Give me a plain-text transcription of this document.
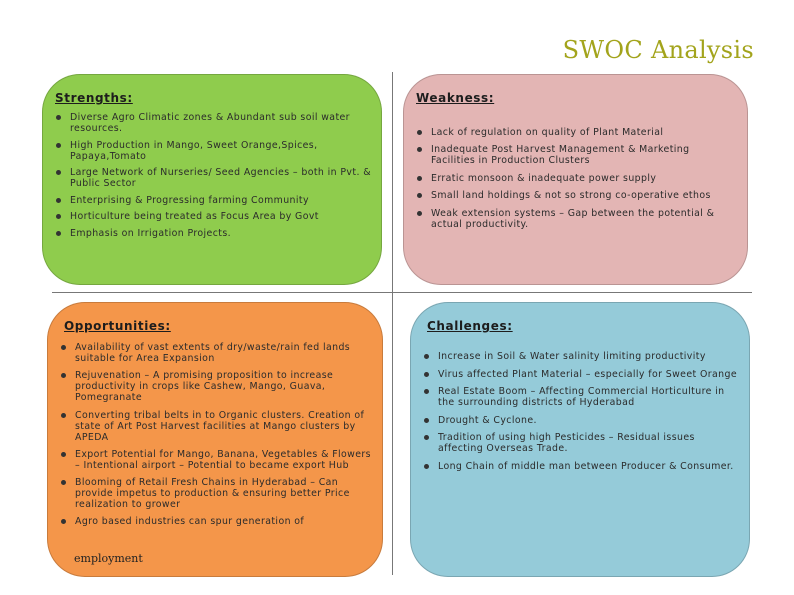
SWOC Analysis
Strengths:
Diverse Agro Climatic zones & Abundant sub soil water resources.
High Production in Mango, Sweet Orange,Spices, Papaya,Tomato
Large Network of Nurseries/ Seed Agencies – both in Pvt. & Public Sector
Enterprising & Progressing farming Community
Horticulture being treated as Focus Area by Govt
Emphasis on Irrigation Projects.
Weakness:
Lack of regulation on quality of Plant Material
Inadequate Post Harvest Management & Marketing Facilities in Production Clusters
Erratic monsoon & inadequate power supply
Small land holdings & not so strong co-operative ethos
Weak extension systems – Gap between the potential & actual productivity.
Opportunities:
Availability of vast extents of dry/waste/rain fed lands suitable for Area Expansion
Rejuvenation – A promising proposition to increase productivity in crops like Cashew, Mango, Guava, Pomegranate
Converting tribal belts in to Organic clusters. Creation of state of Art Post Harvest facilities at Mango clusters by APEDA
Export Potential for Mango, Banana, Vegetables & Flowers – Intentional airport – Potential to became export Hub
Blooming of Retail Fresh Chains in Hyderabad – Can provide impetus to production & ensuring better Price realization to grower
Agro based industries can spur generation of
employment
Challenges:
Increase in Soil & Water salinity limiting productivity
Virus affected Plant Material – especially for Sweet Orange
Real Estate Boom – Affecting Commercial Horticulture in the surrounding districts of Hyderabad
Drought & Cyclone.
Tradition of using high Pesticides – Residual issues affecting Overseas Trade.
Long Chain of middle man between Producer & Consumer.
